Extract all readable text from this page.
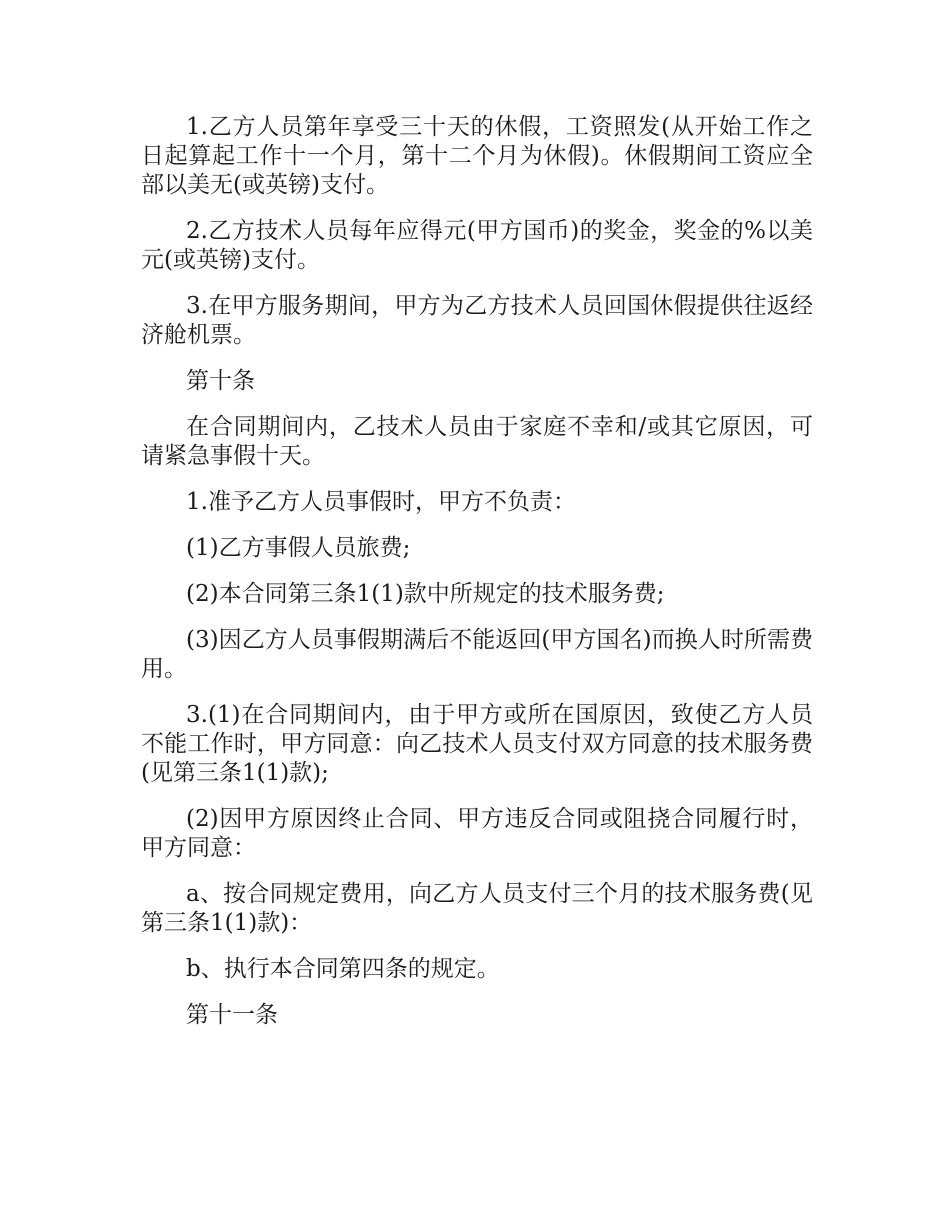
1.乙方人员第年享受三十天的休假，工资照发(从开始工作之日起算起工作十一个月，第十二个月为休假)。休假期间工资应全部以美无(或英镑)支付。

2.乙方技术人员每年应得元(甲方国币)的奖金，奖金的%以美元(或英镑)支付。

3.在甲方服务期间，甲方为乙方技术人员回国休假提供往返经济舱机票。

第十条

在合同期间内，乙技术人员由于家庭不幸和/或其它原因，可请紧急事假十天。

1.准予乙方人员事假时，甲方不负责：

(1)乙方事假人员旅费;

(2)本合同第三条1(1)款中所规定的技术服务费;

(3)因乙方人员事假期满后不能返回(甲方国名)而换人时所需费用。

3.(1)在合同期间内，由于甲方或所在国原因，致使乙方人员不能工作时，甲方同意：向乙技术人员支付双方同意的技术服务费(见第三条1(1)款);

(2)因甲方原因终止合同、甲方违反合同或阻挠合同履行时，甲方同意：

a、按合同规定费用，向乙方人员支付三个月的技术服务费(见第三条1(1)款)：

b、执行本合同第四条的规定。

第十一条
